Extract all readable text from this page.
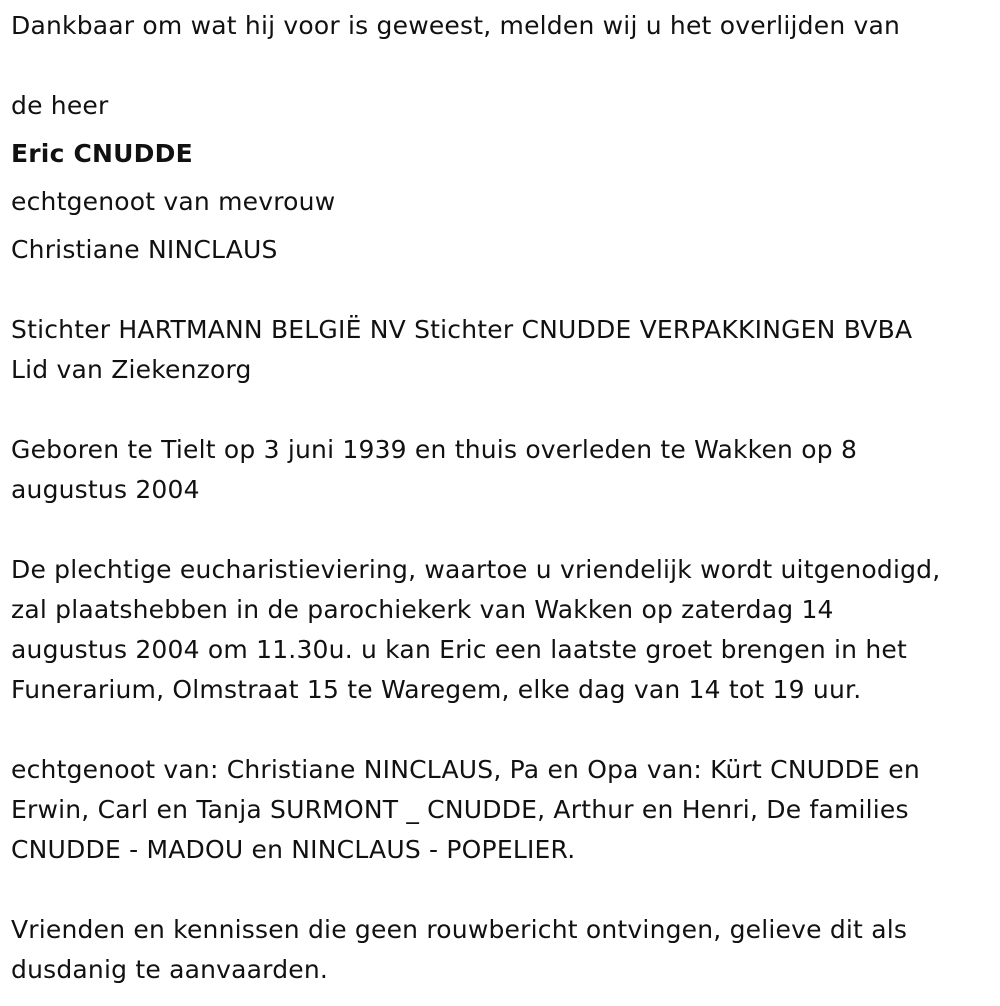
Dankbaar om wat hij voor is geweest, melden wij u het overlijden van
de heer
Eric CNUDDE
echtgenoot van mevrouw
Christiane NINCLAUS
Stichter HARTMANN BELGIË NV Stichter CNUDDE VERPAKKINGEN BVBA
Lid van Ziekenzorg
Geboren te Tielt op 3 juni 1939 en thuis overleden te Wakken op 8
augustus 2004
De plechtige eucharistieviering, waartoe u vriendelijk wordt uitgenodigd,
zal plaatshebben in de parochiekerk van Wakken op zaterdag 14
augustus 2004 om 11.30u. u kan Eric een laatste groet brengen in het
Funerarium, Olmstraat 15 te Waregem, elke dag van 14 tot 19 uur.
echtgenoot van: Christiane NINCLAUS, Pa en Opa van: Kürt CNUDDE en
Erwin, Carl en Tanja SURMONT _ CNUDDE, Arthur en Henri, De families
CNUDDE - MADOU en NINCLAUS - POPELIER.
Vrienden en kennissen die geen rouwbericht ontvingen, gelieve dit als
dusdanig te aanvaarden.
